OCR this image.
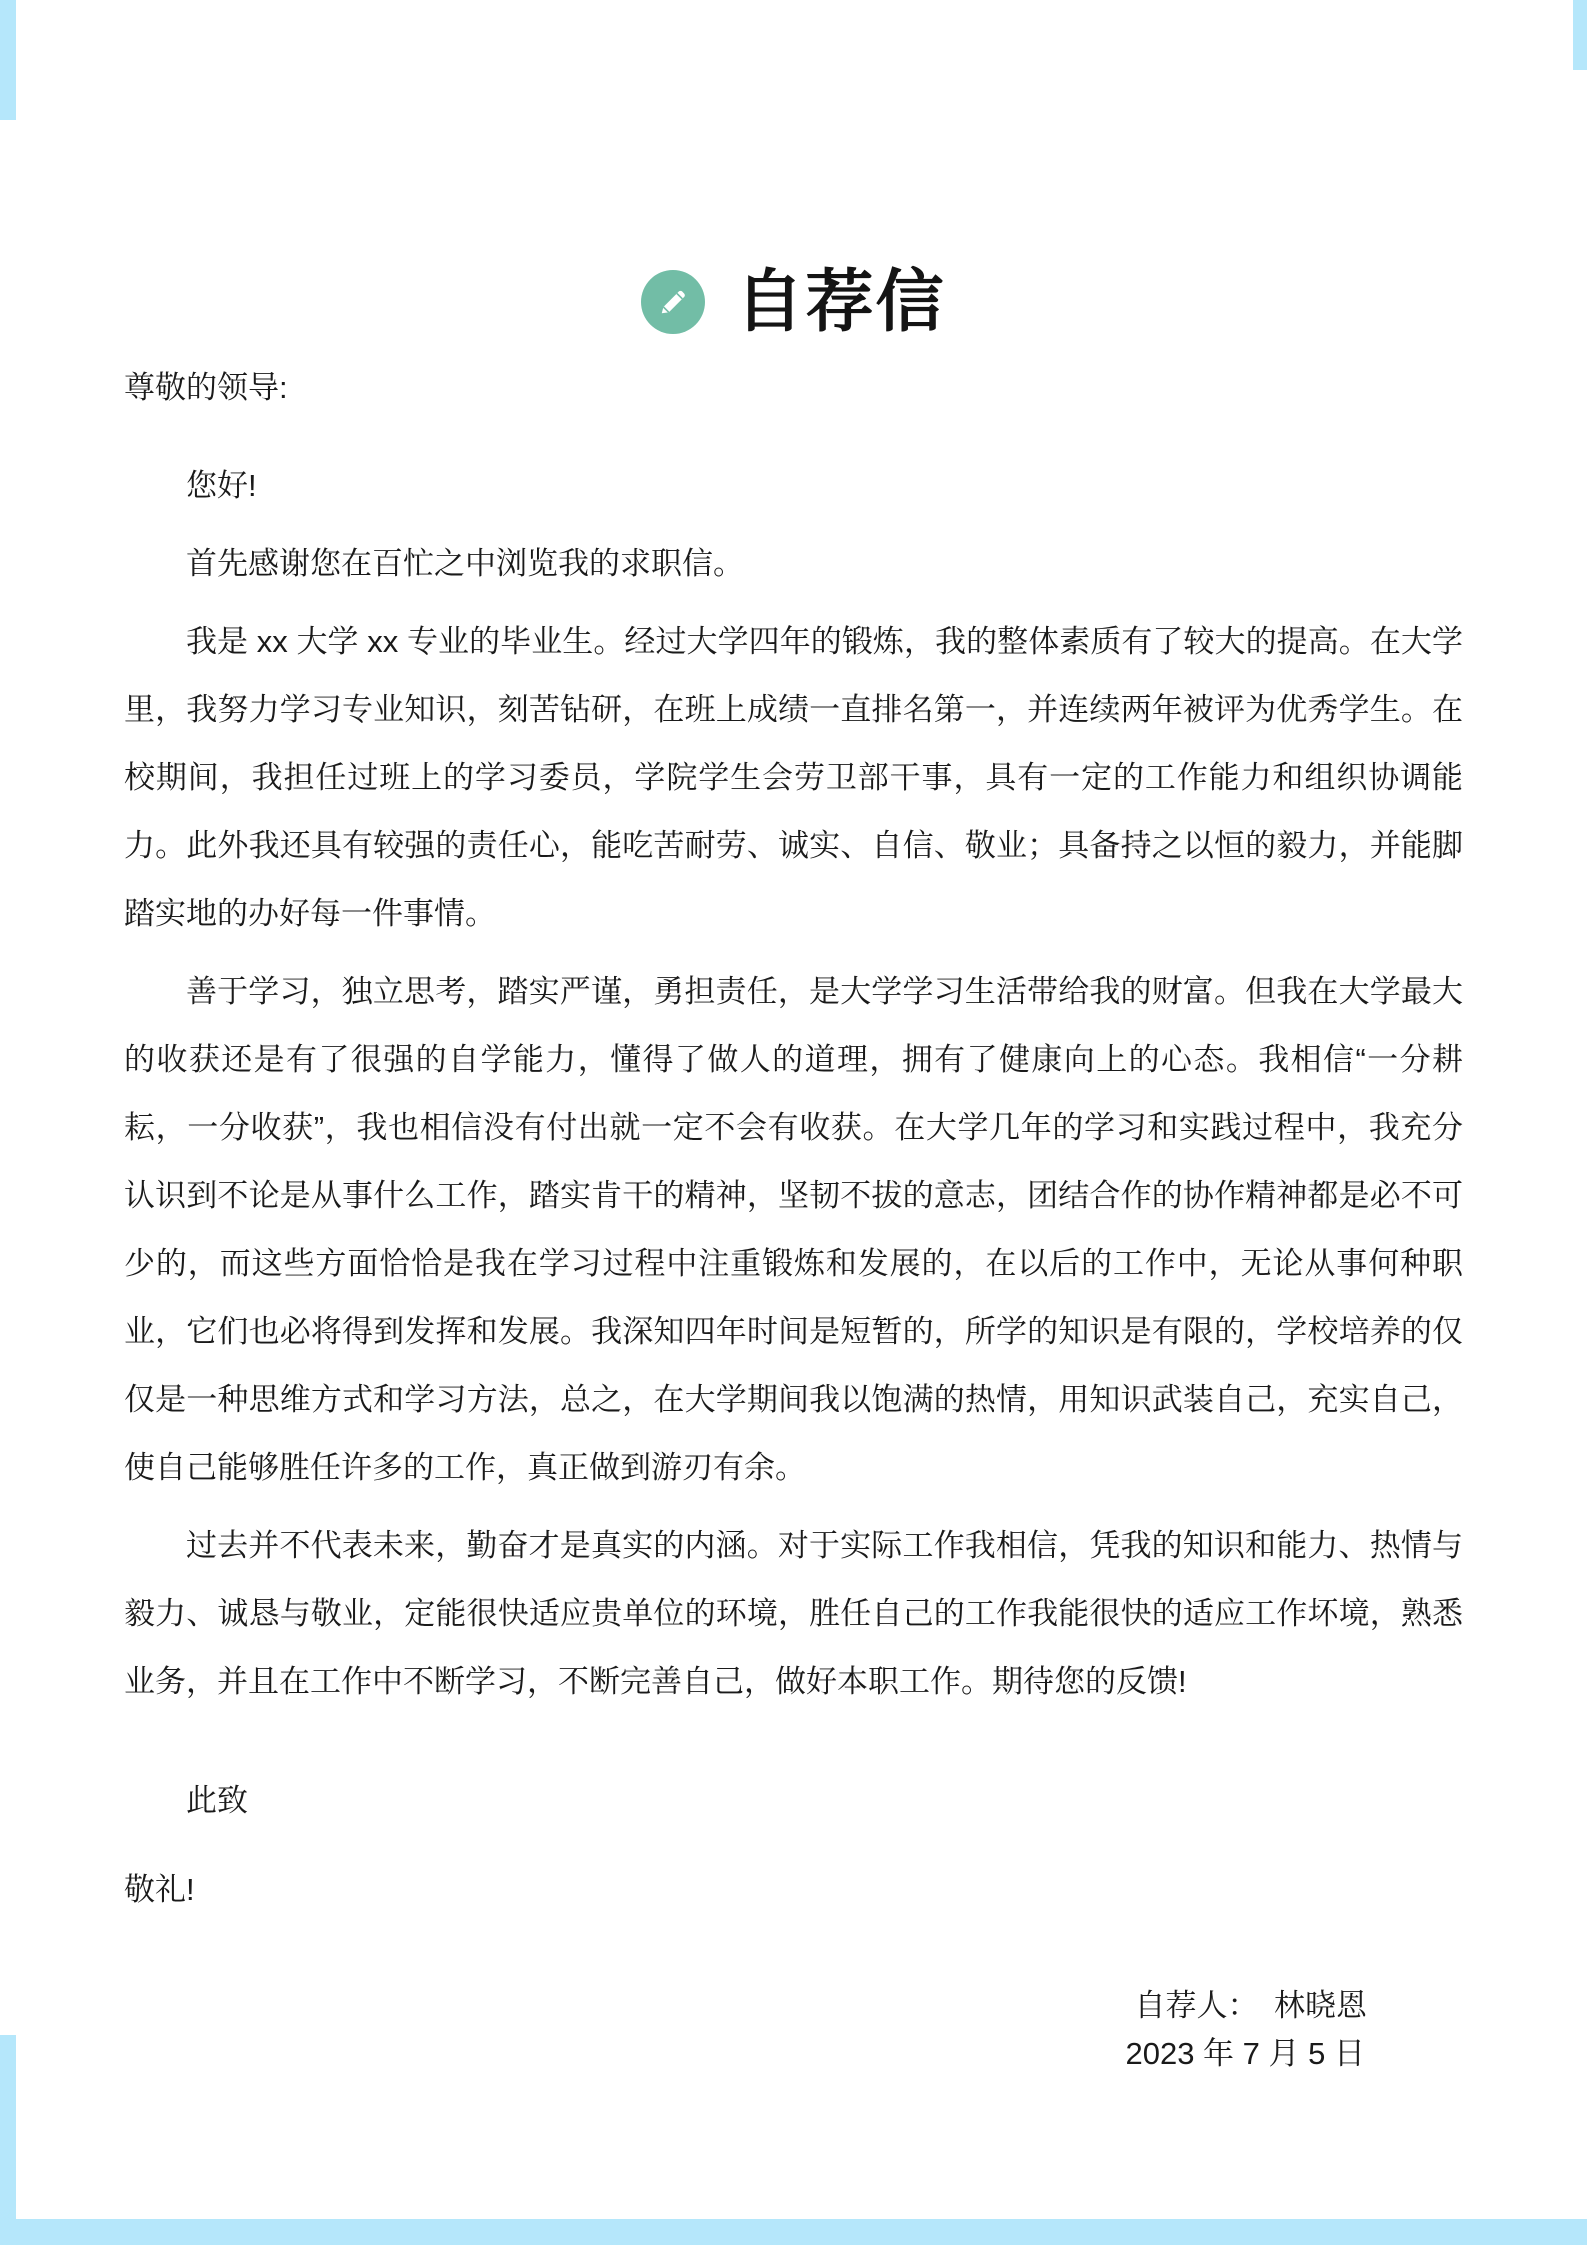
自荐信

尊敬的领导:

您好!

首先感谢您在百忙之中浏览我的求职信。

我是 xx 大学 xx 专业的毕业生。经过大学四年的锻炼，我的整体素质有了较大的提高。在大学里，我努力学习专业知识，刻苦钻研，在班上成绩一直排名第一，并连续两年被评为优秀学生。在校期间，我担任过班上的学习委员，学院学生会劳卫部干事，具有一定的工作能力和组织协调能力。此外我还具有较强的责任心，能吃苦耐劳、诚实、自信、敬业；具备持之以恒的毅力，并能脚踏实地的办好每一件事情。

善于学习，独立思考，踏实严谨，勇担责任，是大学学习生活带给我的财富。但我在大学最大的收获还是有了很强的自学能力，懂得了做人的道理，拥有了健康向上的心态。我相信“一分耕耘，一分收获”，我也相信没有付出就一定不会有收获。在大学几年的学习和实践过程中，我充分认识到不论是从事什么工作，踏实肯干的精神，坚韧不拔的意志，团结合作的协作精神都是必不可少的，而这些方面恰恰是我在学习过程中注重锻炼和发展的，在以后的工作中，无论从事何种职业，它们也必将得到发挥和发展。我深知四年时间是短暂的，所学的知识是有限的，学校培养的仅仅是一种思维方式和学习方法，总之，在大学期间我以饱满的热情，用知识武装自己，充实自己，使自己能够胜任许多的工作，真正做到游刃有余。

过去并不代表未来，勤奋才是真实的内涵。对于实际工作我相信，凭我的知识和能力、热情与毅力、诚恳与敬业，定能很快适应贵单位的环境，胜任自己的工作我能很快的适应工作坏境，熟悉业务，并且在工作中不断学习，不断完善自己，做好本职工作。期待您的反馈!

此致

敬礼!

自荐人：　 林晓恩

2023 年 7 月 5 日
